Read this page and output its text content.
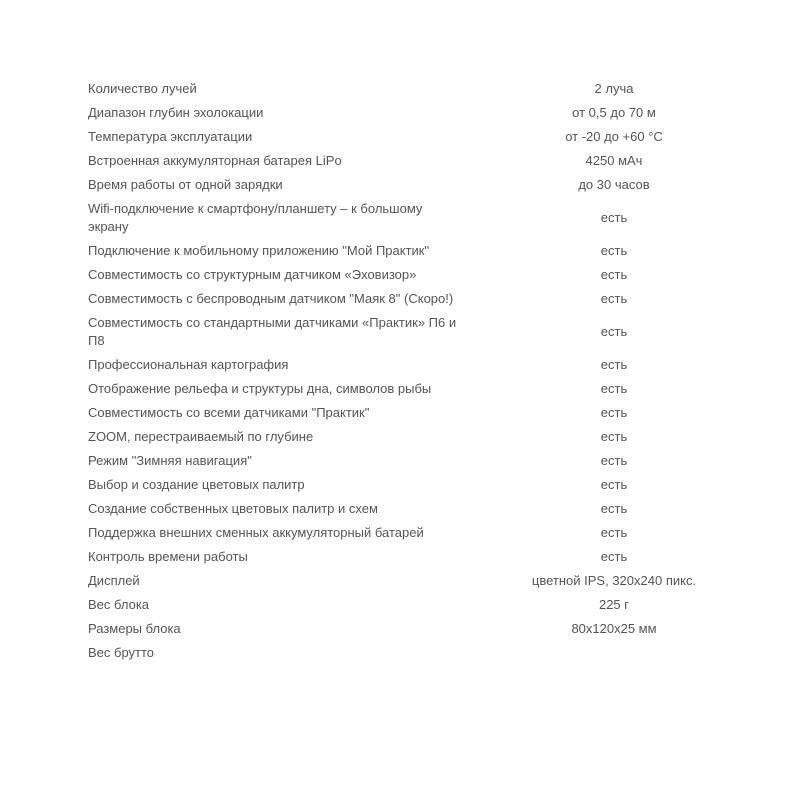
Количество лучей	2 луча
Диапазон глубин эхолокации	от 0,5 до 70 м
Температура эксплуатации	от -20 до +60 °C
Встроенная аккумуляторная батарея LiPo	4250 мАч
Время работы от одной зарядки	до 30 часов
Wifi-подключение к смартфону/планшету – к большому экрану	есть
Подключение к мобильному приложению "Мой Практик"	есть
Совместимость со структурным датчиком «Эховизор»	есть
Совместимость с беспроводным датчиком "Маяк 8" (Скоро!)	есть
Совместимость со стандартными датчиками «Практик» П6 и П8	есть
Профессиональная картография	есть
Отображение рельефа и структуры дна, символов рыбы	есть
Совместимость со всеми датчиками "Практик"	есть
ZOOM, перестраиваемый по глубине	есть
Режим "Зимняя навигация"	есть
Выбор и создание цветовых палитр	есть
Создание собственных цветовых палитр и схем	есть
Поддержка внешних сменных аккумуляторный батарей	есть
Контроль времени работы	есть
Дисплей	цветной IPS, 320x240 пикс.
Вес блока	225 г
Размеры блока	80x120x25 мм
Вес брутто	
